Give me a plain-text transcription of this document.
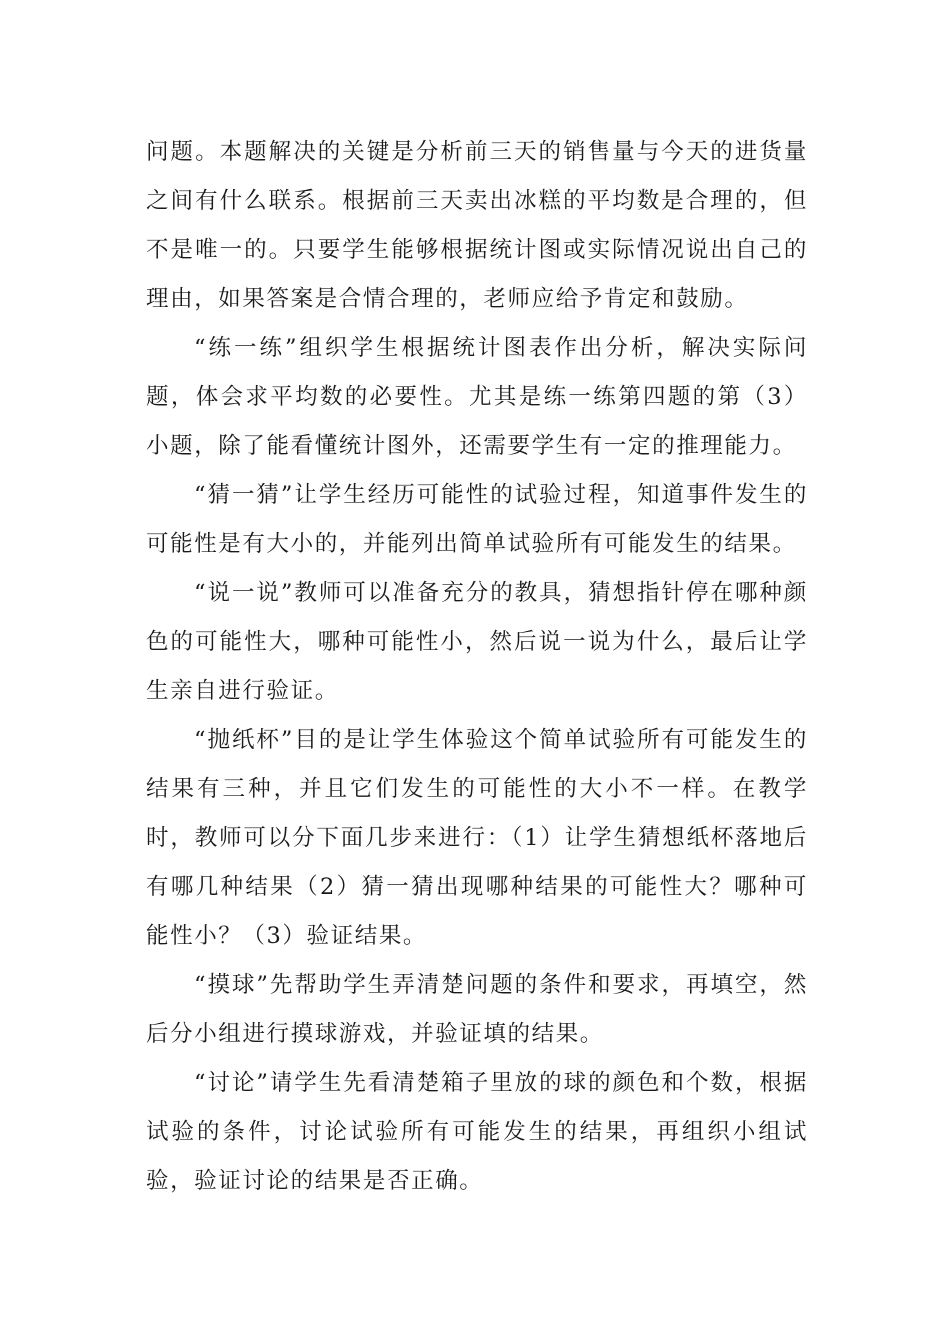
问题。本题解决的关键是分析前三天的销售量与今天的进货量之间有什么联系。根据前三天卖出冰糕的平均数是合理的，但不是唯一的。只要学生能够根据统计图或实际情况说出自己的理由，如果答案是合情合理的，老师应给予肯定和鼓励。

“练一练”组织学生根据统计图表作出分析，解决实际问题，体会求平均数的必要性。尤其是练一练第四题的第（3）小题，除了能看懂统计图外，还需要学生有一定的推理能力。

“猜一猜”让学生经历可能性的试验过程，知道事件发生的可能性是有大小的，并能列出简单试验所有可能发生的结果。

“说一说”教师可以准备充分的教具，猜想指针停在哪种颜色的可能性大，哪种可能性小，然后说一说为什么，最后让学生亲自进行验证。

“抛纸杯”目的是让学生体验这个简单试验所有可能发生的结果有三种，并且它们发生的可能性的大小不一样。在教学时，教师可以分下面几步来进行：（1）让学生猜想纸杯落地后有哪几种结果（2）猜一猜出现哪种结果的可能性大？哪种可能性小？（3）验证结果。

“摸球”先帮助学生弄清楚问题的条件和要求，再填空，然后分小组进行摸球游戏，并验证填的结果。

“讨论”请学生先看清楚箱子里放的球的颜色和个数，根据试验的条件，讨论试验所有可能发生的结果，再组织小组试验，验证讨论的结果是否正确。
